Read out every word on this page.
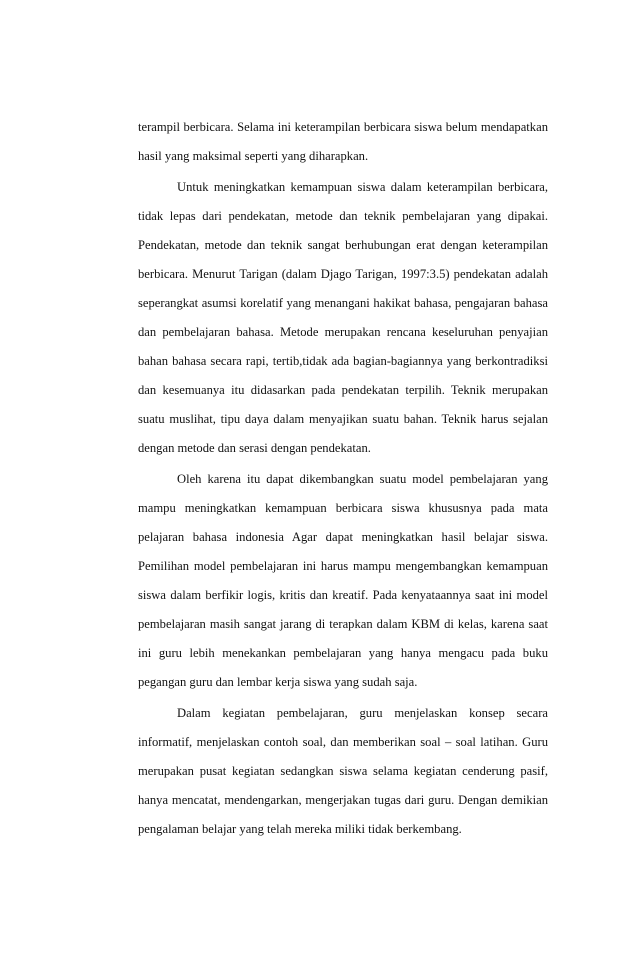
terampil berbicara. Selama ini keterampilan berbicara siswa belum mendapatkan hasil yang maksimal seperti yang diharapkan.

Untuk meningkatkan kemampuan siswa dalam keterampilan berbicara, tidak lepas dari pendekatan, metode dan teknik pembelajaran yang dipakai. Pendekatan, metode dan teknik sangat berhubungan erat dengan keterampilan berbicara. Menurut Tarigan (dalam Djago Tarigan, 1997:3.5) pendekatan adalah seperangkat asumsi korelatif yang menangani hakikat bahasa, pengajaran bahasa dan pembelajaran bahasa. Metode merupakan rencana keseluruhan penyajian bahan bahasa secara rapi, tertib,tidak ada bagian-bagiannya yang berkontradiksi dan kesemuanya itu didasarkan pada pendekatan terpilih. Teknik merupakan suatu muslihat, tipu daya dalam menyajikan suatu bahan. Teknik harus sejalan dengan metode dan serasi dengan pendekatan.

Oleh karena itu dapat dikembangkan suatu model pembelajaran yang mampu meningkatkan kemampuan berbicara siswa khususnya pada mata pelajaran bahasa indonesia Agar dapat meningkatkan hasil belajar siswa. Pemilihan model pembelajaran ini harus mampu mengembangkan kemampuan siswa dalam berfikir logis, kritis dan kreatif. Pada kenyataannya saat ini model pembelajaran masih sangat jarang di terapkan dalam KBM di kelas, karena saat ini guru lebih menekankan pembelajaran yang hanya mengacu pada buku pegangan guru dan lembar kerja siswa yang sudah saja.

Dalam kegiatan pembelajaran, guru menjelaskan konsep secara informatif, menjelaskan contoh soal, dan memberikan soal – soal latihan. Guru merupakan pusat kegiatan sedangkan siswa selama kegiatan cenderung pasif, hanya mencatat, mendengarkan, mengerjakan tugas dari guru. Dengan demikian pengalaman belajar yang telah mereka miliki tidak berkembang.
